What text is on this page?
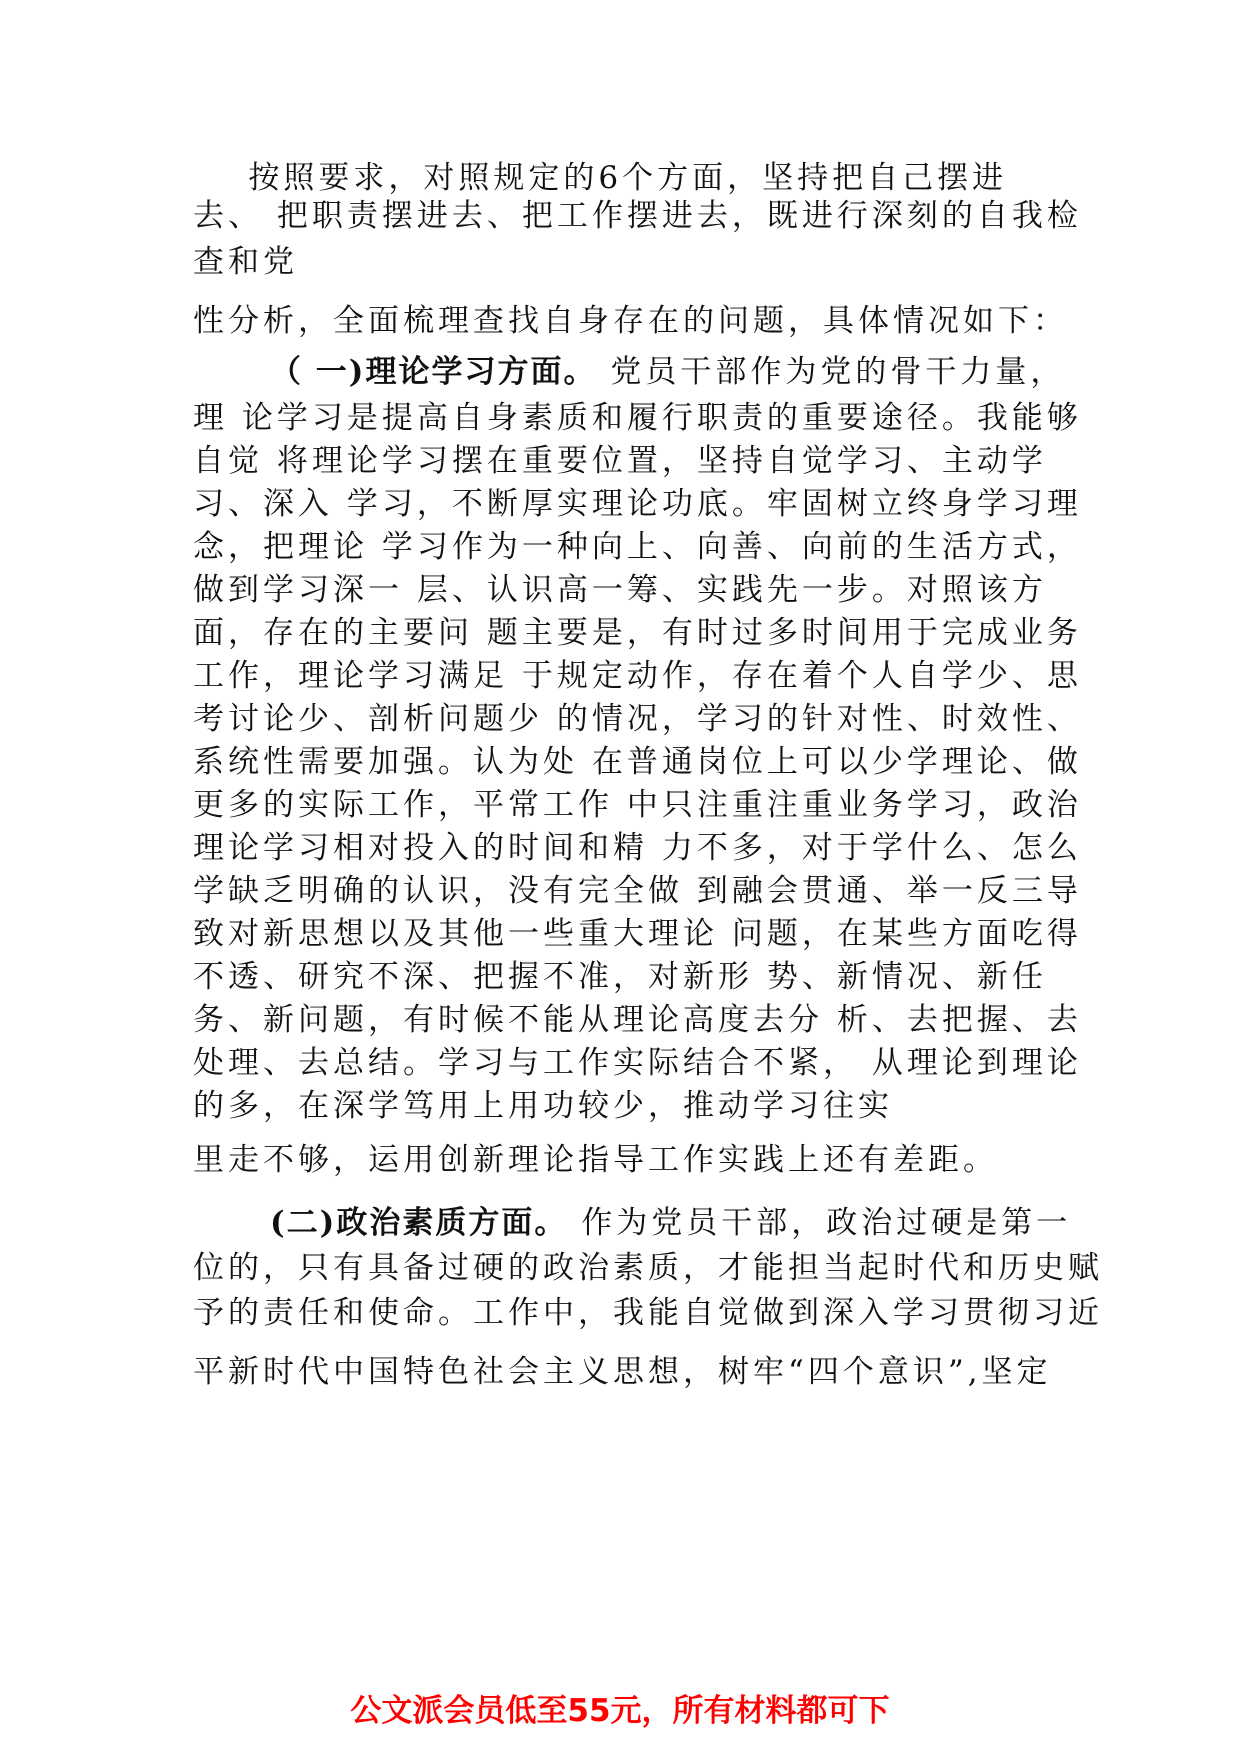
按照要求，对照规定的6个方面，坚持把自己摆进
去、 把职责摆进去、把工作摆进去，既进行深刻的自我检
查和党
性分析，全面梳理查找自身存在的问题，具体情况如下：
（ 一)理论学习方面。 党员干部作为党的骨干力量，
理 论学习是提高自身素质和履行职责的重要途径。我能够
自觉 将理论学习摆在重要位置，坚持自觉学习、主动学
习、深入 学习，不断厚实理论功底。牢固树立终身学习理
念，把理论 学习作为一种向上、向善、向前的生活方式，
做到学习深一 层、认识高一筹、实践先一步。对照该方
面，存在的主要问 题主要是，有时过多时间用于完成业务
工作，理论学习满足 于规定动作，存在着个人自学少、思
考讨论少、剖析问题少 的情况，学习的针对性、时效性、
系统性需要加强。认为处 在普通岗位上可以少学理论、做
更多的实际工作，平常工作 中只注重注重业务学习，政治
理论学习相对投入的时间和精 力不多，对于学什么、怎么
学缺乏明确的认识，没有完全做 到融会贯通、举一反三导
致对新思想以及其他一些重大理论 问题，在某些方面吃得
不透、研究不深、把握不准，对新形 势、新情况、新任
务、新问题，有时候不能从理论高度去分 析、去把握、去
处理、去总结。学习与工作实际结合不紧， 从理论到理论
的多，在深学笃用上用功较少，推动学习往实
里走不够，运用创新理论指导工作实践上还有差距。
(二)政治素质方面。 作为党员干部，政治过硬是第一
位的，只有具备过硬的政治素质，才能担当起时代和历史赋
予的责任和使命。工作中，我能自觉做到深入学习贯彻习近
平新时代中国特色社会主义思想，树牢“四个意识”,坚定
公文派会员低至55元，所有材料都可下
